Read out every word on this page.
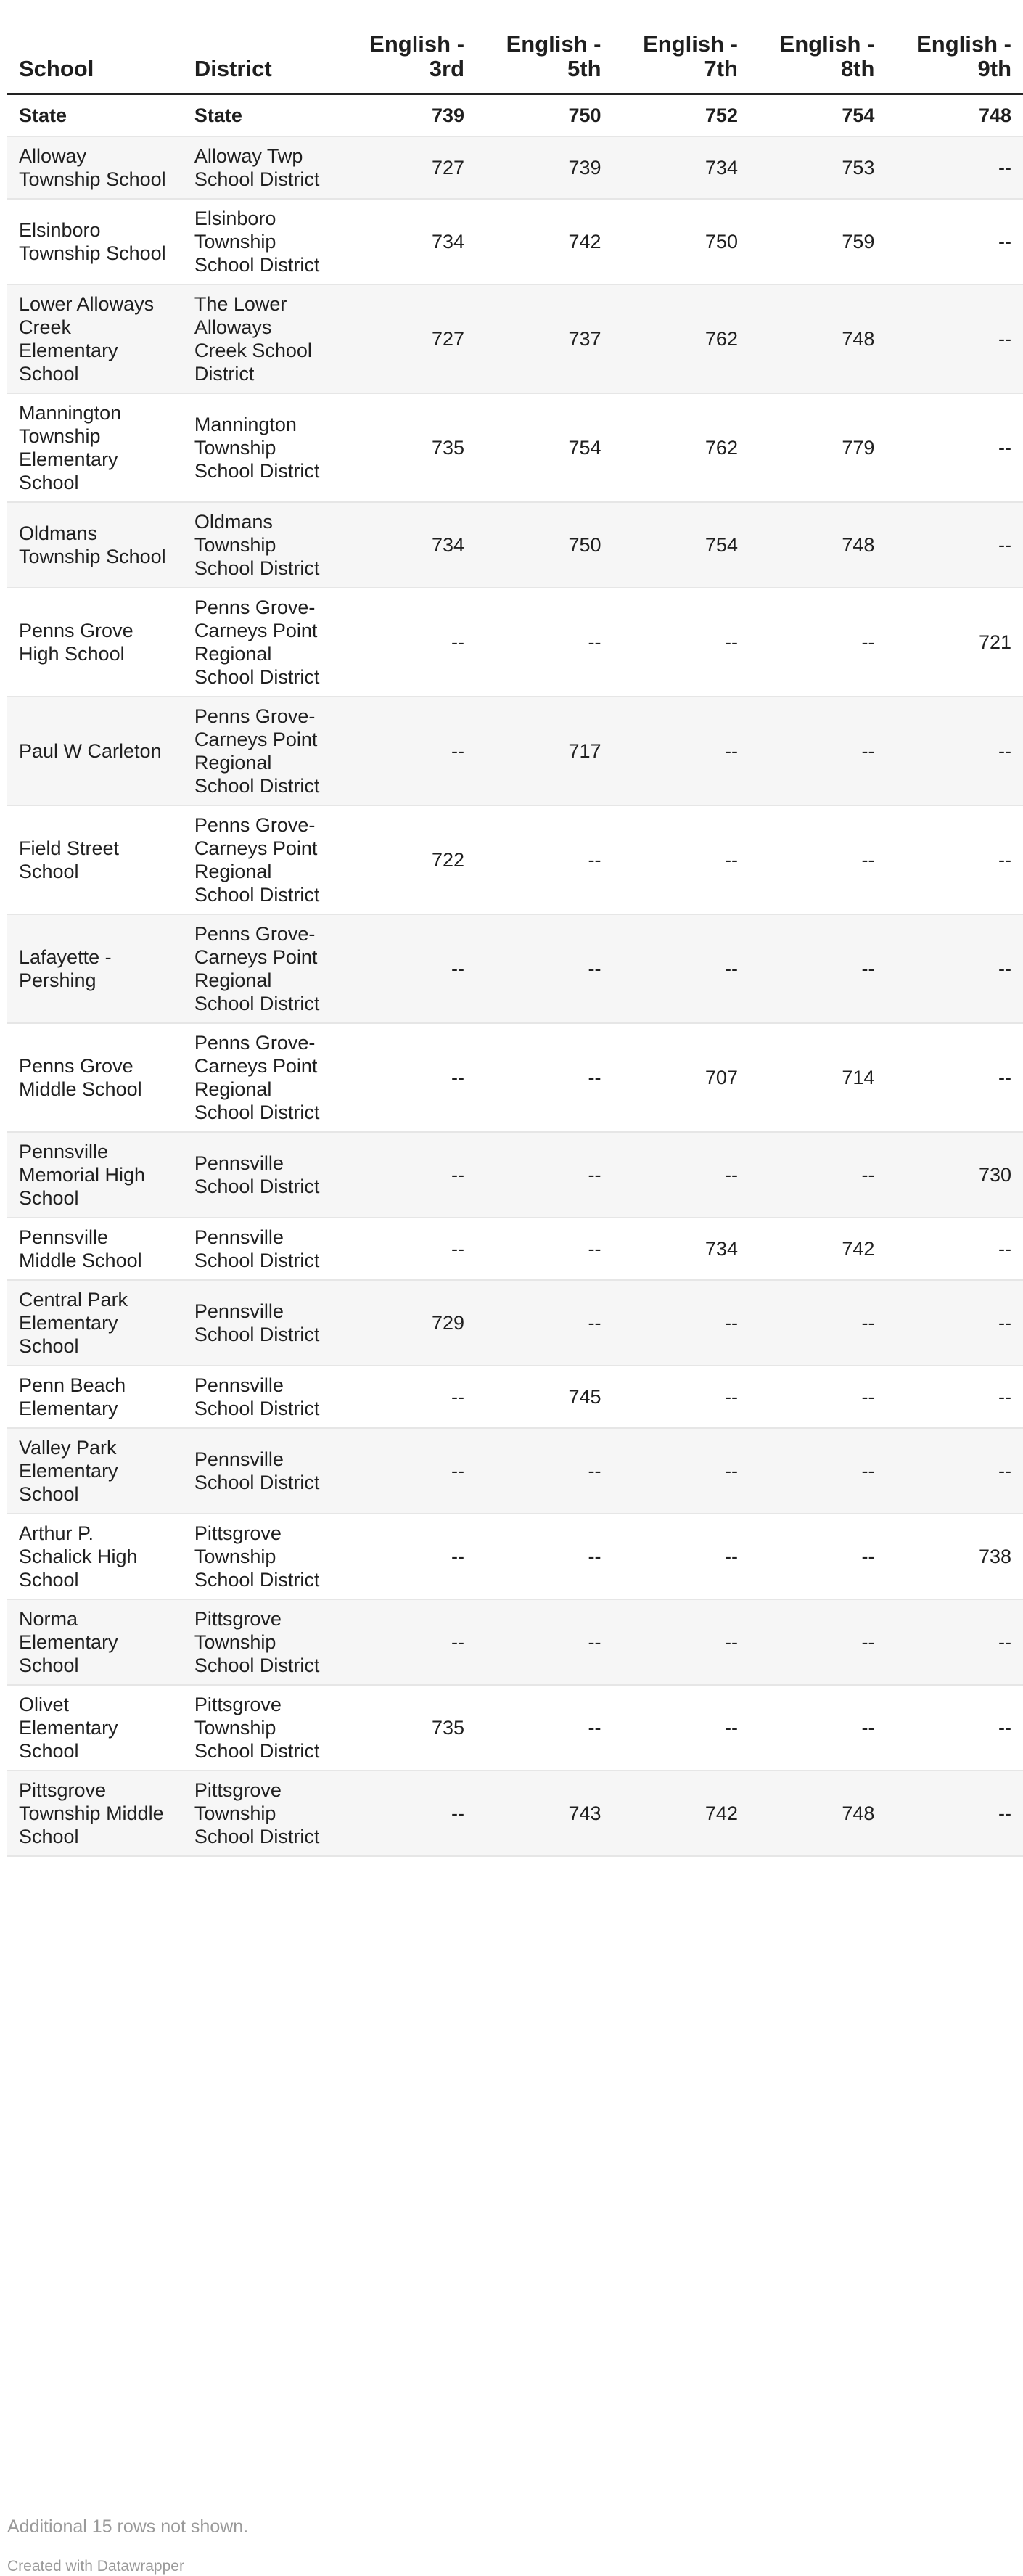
School	District	English - 3rd	English - 5th	English - 7th	English - 8th	English - 9th
State	State	739	750	752	754	748
Alloway Township School	Alloway Twp School District	727	739	734	753	--
Elsinboro Township School	Elsinboro Township School District	734	742	750	759	--
Lower Alloways Creek Elementary School	The Lower Alloways Creek School District	727	737	762	748	--
Mannington Township Elementary School	Mannington Township School District	735	754	762	779	--
Oldmans Township School	Oldmans Township School District	734	750	754	748	--
Penns Grove High School	Penns Grove-Carneys Point Regional School District	--	--	--	--	721
Paul W Carleton	Penns Grove-Carneys Point Regional School District	--	717	--	--	--
Field Street School	Penns Grove-Carneys Point Regional School District	722	--	--	--	--
Lafayette - Pershing	Penns Grove-Carneys Point Regional School District	--	--	--	--	--
Penns Grove Middle School	Penns Grove-Carneys Point Regional School District	--	--	707	714	--
Pennsville Memorial High School	Pennsville School District	--	--	--	--	730
Pennsville Middle School	Pennsville School District	--	--	734	742	--
Central Park Elementary School	Pennsville School District	729	--	--	--	--
Penn Beach Elementary	Pennsville School District	--	745	--	--	--
Valley Park Elementary School	Pennsville School District	--	--	--	--	--
Arthur P. Schalick High School	Pittsgrove Township School District	--	--	--	--	738
Norma Elementary School	Pittsgrove Township School District	--	--	--	--	--
Olivet Elementary School	Pittsgrove Township School District	735	--	--	--	--
Pittsgrove Township Middle School	Pittsgrove Township School District	--	743	742	748	--
Additional 15 rows not shown.
Created with Datawrapper
